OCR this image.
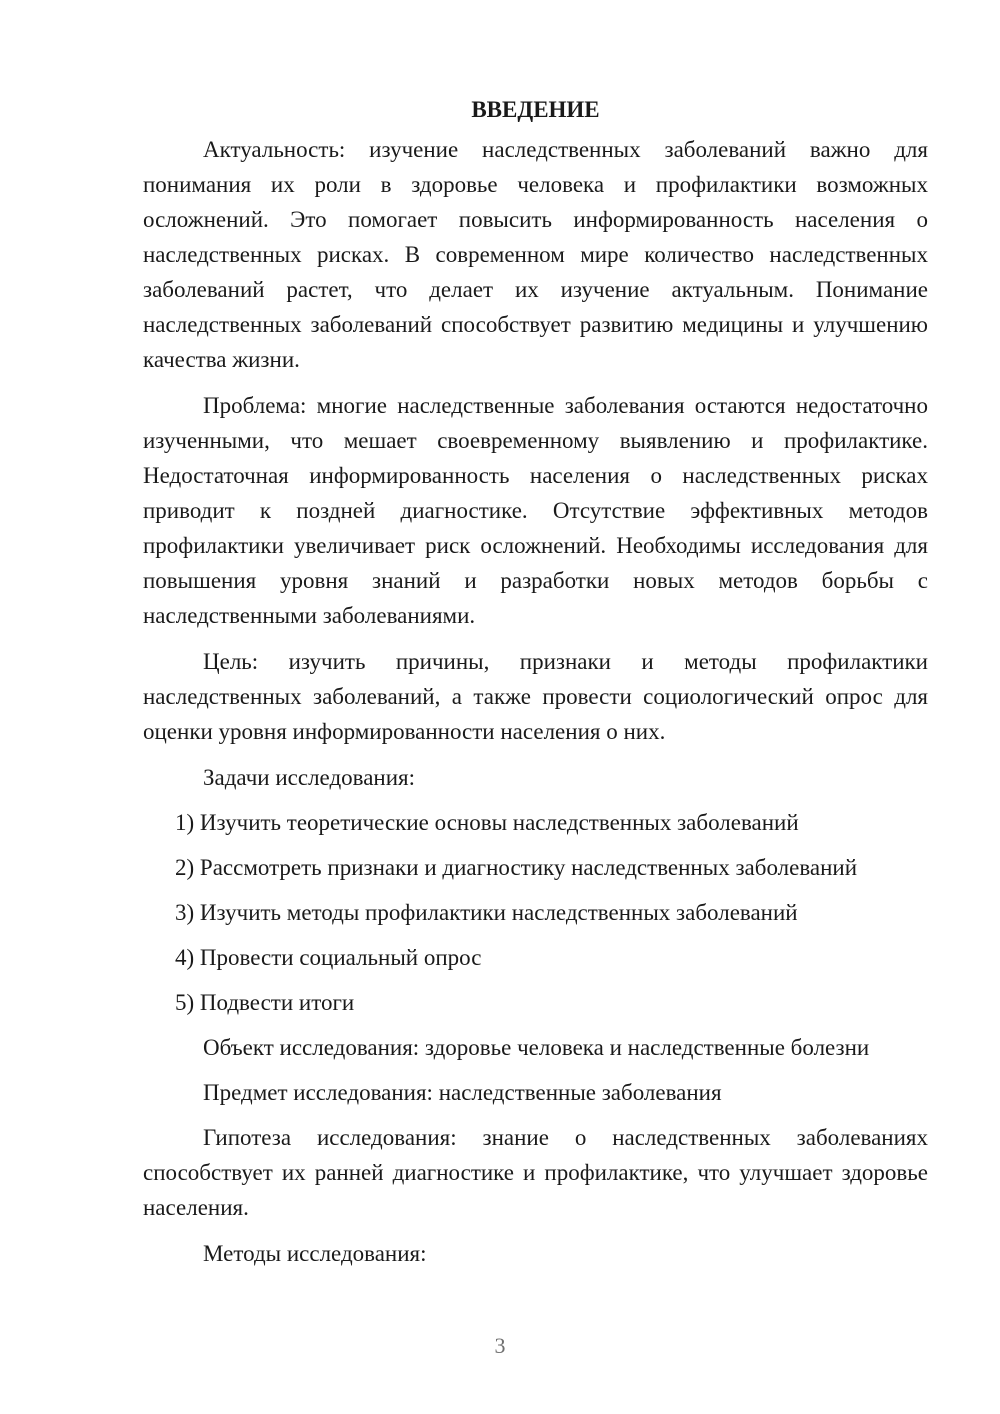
ВВЕДЕНИЕ

Актуальность: изучение наследственных заболеваний важно для понимания их роли в здоровье человека и профилактики возможных осложнений. Это помогает повысить информированность населения о наследственных рисках. В современном мире количество наследственных заболеваний растет, что делает их изучение актуальным. Понимание наследственных заболеваний способствует развитию медицины и улучшению качества жизни.

Проблема: многие наследственные заболевания остаются недостаточно изученными, что мешает своевременному выявлению и профилактике. Недостаточная информированность населения о наследственных рисках приводит к поздней диагностике. Отсутствие эффективных методов профилактики увеличивает риск осложнений. Необходимы исследования для повышения уровня знаний и разработки новых методов борьбы с наследственными заболеваниями.

Цель: изучить причины, признаки и методы профилактики наследственных заболеваний, а также провести социологический опрос для оценки уровня информированности населения о них.

Задачи исследования:
1) Изучить теоретические основы наследственных заболеваний
2) Рассмотреть признаки и диагностику наследственных заболеваний
3) Изучить методы профилактики наследственных заболеваний
4) Провести социальный опрос
5) Подвести итоги
Объект исследования: здоровье человека и наследственные болезни
Предмет исследования: наследственные заболевания

Гипотеза исследования: знание о наследственных заболеваниях способствует их ранней диагностике и профилактике, что улучшает здоровье населения.

Методы исследования:
3
